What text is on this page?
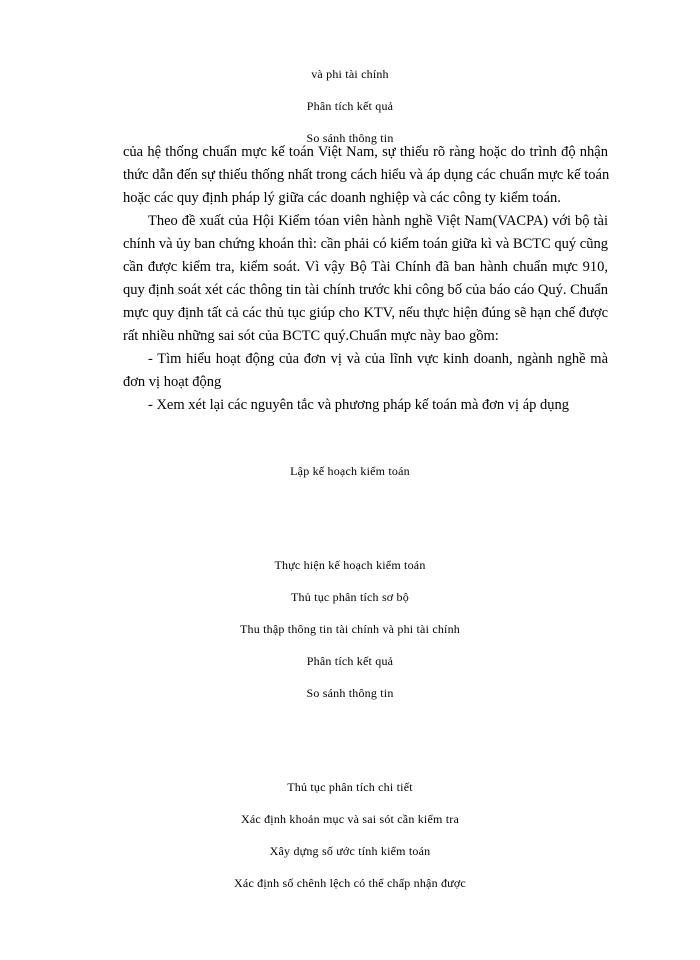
và phi tài chính
Phân tích kết quả
So sánh thông tin
của hệ thống chuẩn mực kế toán Việt Nam, sự thiếu rõ ràng hoặc do trình độ nhận
thức dẫn đến sự thiếu thống nhất trong cách hiểu và áp dụng các chuẩn mực kế toán
hoặc các quy định pháp lý giữa các doanh nghiệp và các công ty kiểm toán.
Theo đề xuất của Hội Kiểm tóan viên hành nghề Việt Nam(VACPA) với bộ tài
chính và ủy ban chứng khoán thì: cần phải có kiểm toán giữa kì và BCTC quý cũng
cần được kiểm tra, kiểm soát. Vì vậy Bộ Tài Chính đã ban hành chuẩn mực 910,
quy định soát xét các thông tin tài chính trước khi công bố của báo cáo Quý. Chuẩn
mực quy định tất cả các thủ tục giúp cho KTV, nếu thực hiện đúng sẽ hạn chế được
rất nhiều những sai sót của BCTC quý.Chuẩn mực này bao gồm:
- Tìm hiểu hoạt động của đơn vị và của lĩnh vực kinh doanh, ngành nghề mà
đơn vị hoạt động
- Xem xét lại các nguyên tắc và phương pháp kế toán mà đơn vị áp dụng
Lập kế hoạch kiểm toán
Thực hiện kế hoạch kiểm toán
Thủ tục phân tích sơ bộ
Thu thập thông tin tài chính và phi tài chính
Phân tích kết quả
So sánh thông tin
Thủ tục phân tích chi tiết
Xác định khoản mục và sai sót cần kiểm tra
Xây dựng số ước tính kiểm toán
Xác định số chênh lệch có thể chấp nhận được
